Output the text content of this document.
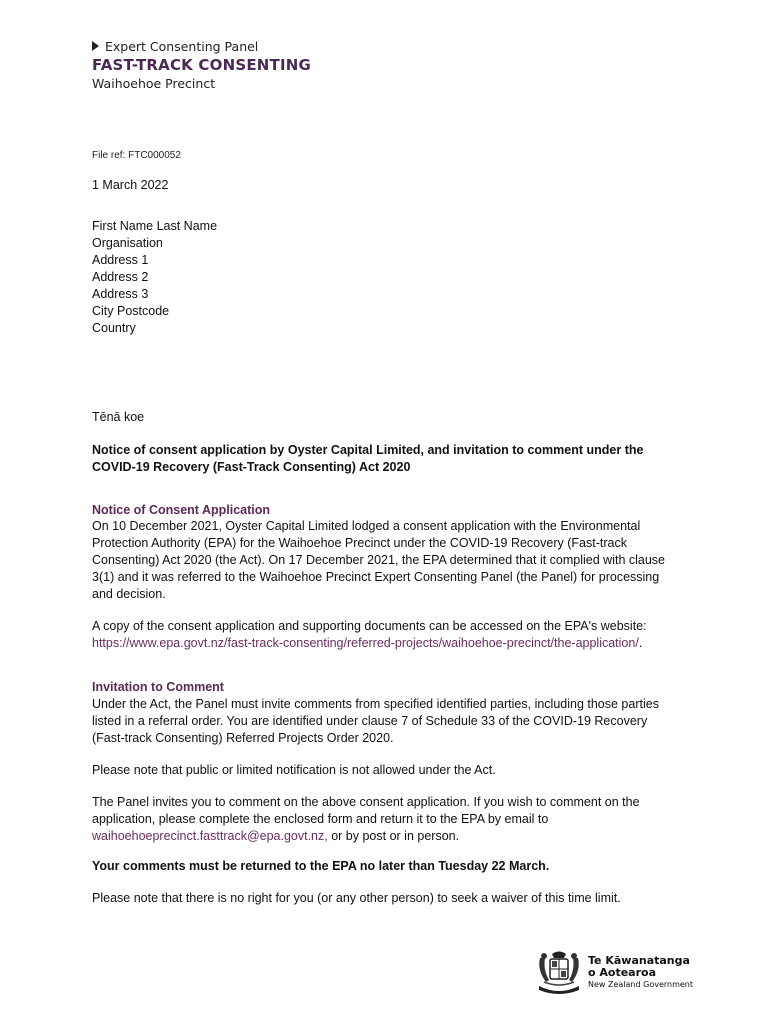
Expert Consenting Panel
FAST-TRACK CONSENTING
Waihoehoe Precinct
File ref: FTC000052
1 March 2022
First Name Last Name
Organisation
Address 1
Address 2
Address 3
City Postcode
Country
Tēnā koe

Notice of consent application by Oyster Capital Limited, and invitation to comment under the COVID-19 Recovery (Fast-Track Consenting) Act 2020

Notice of Consent Application

On 10 December 2021, Oyster Capital Limited lodged a consent application with the Environmental Protection Authority (EPA) for the Waihoehoe Precinct under the COVID-19 Recovery (Fast-track Consenting) Act 2020 (the Act). On 17 December 2021, the EPA determined that it complied with clause 3(1) and it was referred to the Waihoehoe Precinct Expert Consenting Panel (the Panel) for processing and decision.

A copy of the consent application and supporting documents can be accessed on the EPA's website: https://www.epa.govt.nz/fast-track-consenting/referred-projects/waihoehoe-precinct/the-application/.

Invitation to Comment

Under the Act, the Panel must invite comments from specified identified parties, including those parties listed in a referral order. You are identified under clause 7 of Schedule 33 of the COVID-19 Recovery (Fast-track Consenting) Referred Projects Order 2020.

Please note that public or limited notification is not allowed under the Act.

The Panel invites you to comment on the above consent application. If you wish to comment on the application, please complete the enclosed form and return it to the EPA by email to waihoehoeprecinct.fasttrack@epa.govt.nz, or by post or in person.

Your comments must be returned to the EPA no later than Tuesday 22 March.

Please note that there is no right for you (or any other person) to seek a waiver of this time limit.

Te Kāwanatanga
o Aotearoa
New Zealand Government
